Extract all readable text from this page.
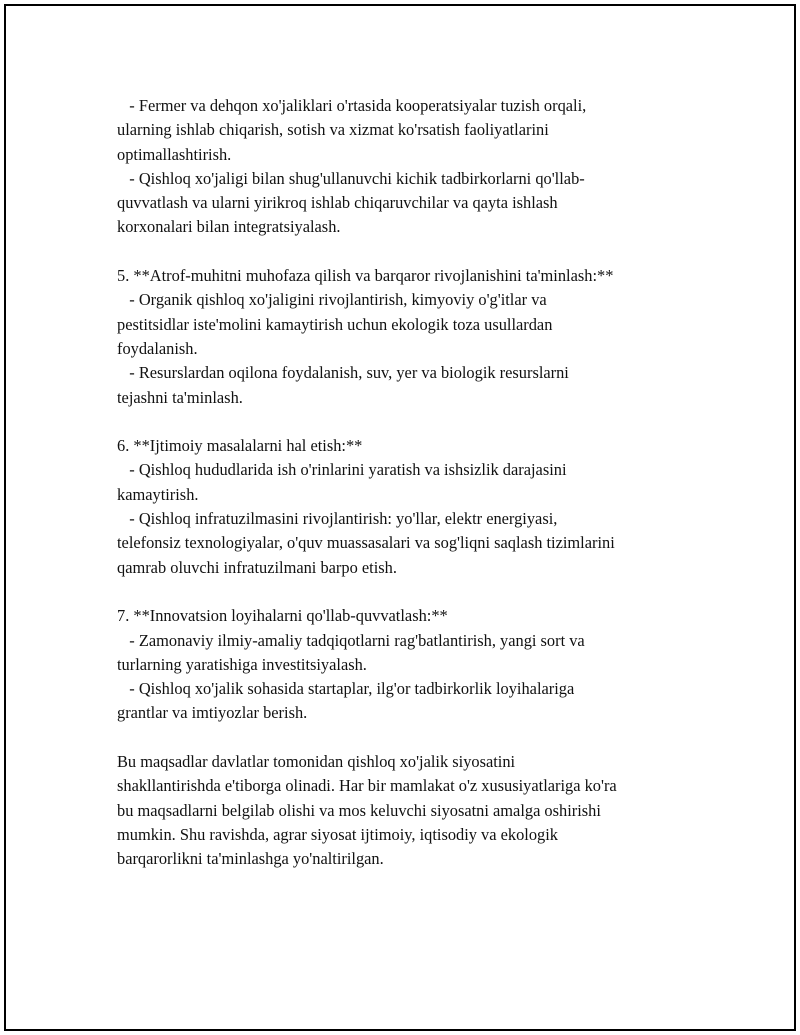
- Fermer va dehqon xo'jaliklari o'rtasida kooperatsiyalar tuzish orqali,

ularning ishlab chiqarish, sotish va xizmat ko'rsatish faoliyatlarini

optimallashtirish.

- Qishloq xo'jaligi bilan shug'ullanuvchi kichik tadbirkorlarni qo'llab-

quvvatlash va ularni yirikroq ishlab chiqaruvchilar va qayta ishlash

korxonalari bilan integratsiyalash.

5. **Atrof-muhitni muhofaza qilish va barqaror rivojlanishini ta'minlash:**

- Organik qishloq xo'jaligini rivojlantirish, kimyoviy o'g'itlar va

pestitsidlar iste'molini kamaytirish uchun ekologik toza usullardan

foydalanish.

- Resurslardan oqilona foydalanish, suv, yer va biologik resurslarni

tejashni ta'minlash.

6. **Ijtimoiy masalalarni hal etish:**

- Qishloq hududlarida ish o'rinlarini yaratish va ishsizlik darajasini

kamaytirish.

- Qishloq infratuzilmasini rivojlantirish: yo'llar, elektr energiyasi,

telefonsiz texnologiyalar, o'quv muassasalari va sog'liqni saqlash tizimlarini

qamrab oluvchi infratuzilmani barpo etish.

7. **Innovatsion loyihalarni qo'llab-quvvatlash:**

- Zamonaviy ilmiy-amaliy tadqiqotlarni rag'batlantirish, yangi sort va

turlarning yaratishiga investitsiyalash.

- Qishloq xo'jalik sohasida startaplar, ilg'or tadbirkorlik loyihalariga

grantlar va imtiyozlar berish.

Bu maqsadlar davlatlar tomonidan qishloq xo'jalik siyosatini

shakllantirishda e'tiborga olinadi. Har bir mamlakat o'z xususiyatlariga ko'ra

bu maqsadlarni belgilab olishi va mos keluvchi siyosatni amalga oshirishi

mumkin. Shu ravishda, agrar siyosat ijtimoiy, iqtisodiy va ekologik

barqarorlikni ta'minlashga yo'naltirilgan.
